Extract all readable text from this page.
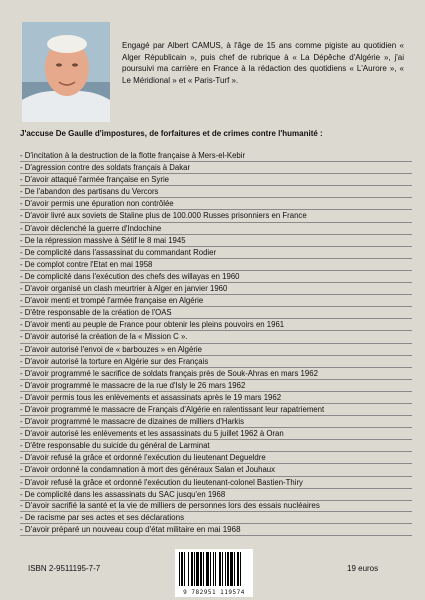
Engagé par Albert CAMUS, à l'âge de 15 ans comme pigiste au quotidien « Alger Républicain », puis chef de rubrique à « La Dépêche d'Algérie », j'ai poursuivi ma carrière en France à la rédaction des quotidiens « L'Aurore », « Le Méridional » et « Paris-Turf ».

J'accuse De Gaulle d'impostures, de forfaitures et de crimes contre l'humanité :

- D'incitation à la destruction de la flotte française à Mers-el-Kebir
- D'agression contre des soldats français à Dakar
- D'avoir attaqué l'armée française en Syrie
- De l'abandon des partisans du Vercors
- D'avoir permis une épuration non contrôlée
- D'avoir livré aux soviets de Staline plus de 100.000 Russes prisonniers en France
- D'avoir déclenché la guerre d'Indochine
- De la répression massive à Sétif le 8 mai 1945
- De complicité dans l'assassinat du commandant Rodier
- De complot contre l'Etat en mai 1958
- De complicité dans l'exécution des chefs des willayas en 1960
- D'avoir organisé un clash meurtrier à Alger en janvier 1960
- D'avoir menti et trompé l'armée française en Algérie
- D'être responsable de la création de l'OAS
- D'avoir menti au peuple de France pour obtenir les pleins pouvoirs en 1961
- D'avoir autorisé la création de la « Mission C ».
- D'avoir autorisé l'envoi de « barbouzes » en Algérie
- D'avoir autorisé la torture en Algérie sur des Français
- D'avoir programmé le sacrifice de soldats français près de Souk-Ahras en mars 1962
- D'avoir programmé le massacre de la rue d'Isly le 26 mars 1962
- D'avoir permis tous les enlèvements et assassinats après le 19 mars 1962
- D'avoir programmé le massacre de Français d'Algérie en ralentissant leur rapatriement
- D'avoir programmé le massacre de dizaines de milliers d'Harkis
- D'avoir autorisé les enlèvements et les assassinats du 5 juillet 1962 à Oran
- D'être responsable du suicide du général de Larminat
- D'avoir refusé la grâce et ordonné l'exécution du lieutenant Degueldre
- D'avoir ordonné la condamnation à mort des généraux Salan et Jouhaux
- D'avoir refusé la grâce et ordonné l'exécution du lieutenant-colonel Bastien-Thiry
- De complicité dans les assassinats du SAC jusqu'en 1968
- D'avoir sacrifié la santé et la vie de milliers de personnes lors des essais nucléaires
- De racisme par ses actes et ses déclarations
- D'avoir préparé un nouveau coup d'état militaire en mai 1968
ISBN 2-9511195-7-7
9 782951 119574
19 euros
